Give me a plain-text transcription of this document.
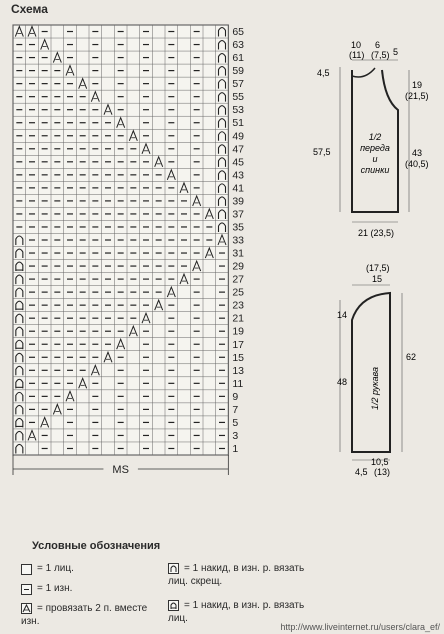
Схема
65
63
61
59
57
55
53
51
49
47
45
43
41
39
37
35
33
31
29
27
25
23
21
19
17
15
13
11
9
7
5
3
1
MS
10 (11)
6 (7,5) 5
4,5
19 (21,5)
57,5	43 (40,5)
21 (23,5)
1/2 переда и спинки
15(17,5)
14
48
62
10,5 (13)
4,5
1/2 рукава
Условные обозначения
= 1 лиц.
= 1 изн.
= провязать 2 п. вместе изн.
= 1 накид, в изн. р. вязать лиц. скрещ.
= 1 накид, в изн. р. вязать лиц.
http://www.liveinternet.ru/users/clara_ef/
